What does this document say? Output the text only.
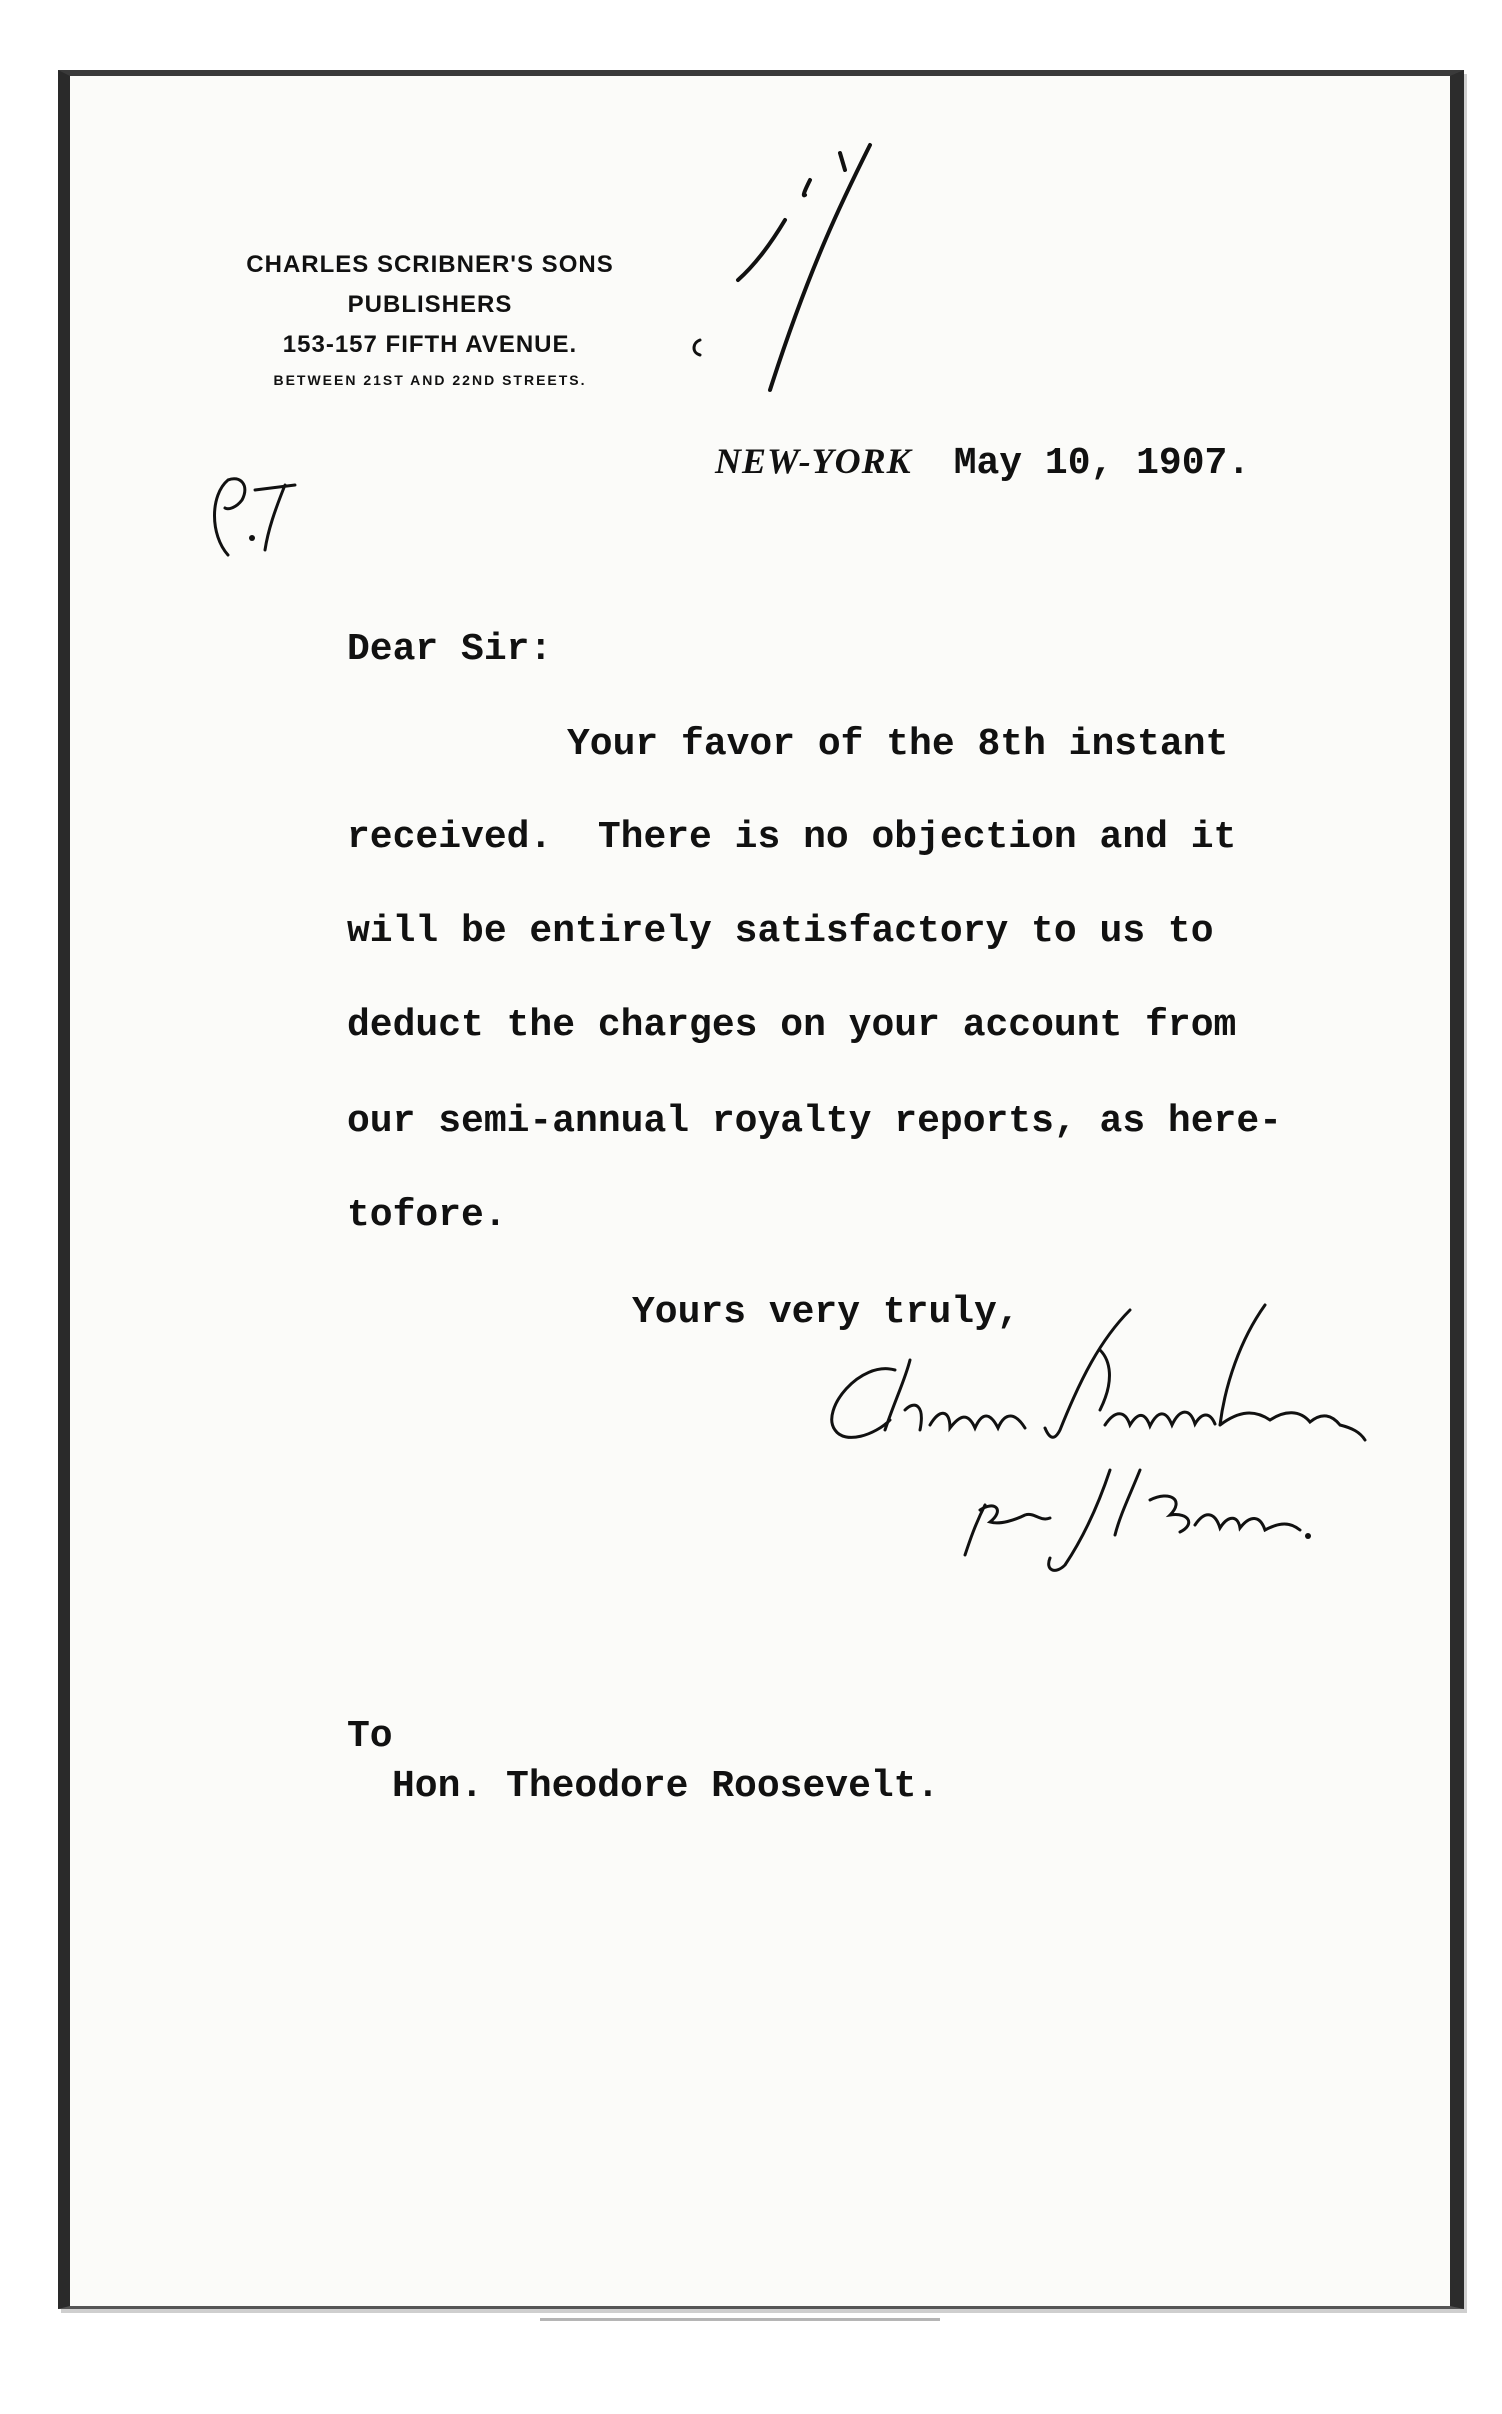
CHARLES SCRIBNER'S SONS
PUBLISHERS
153-157 FIFTH AVENUE.
BETWEEN 21ST AND 22ND STREETS.
NEW-YORK May 10, 1907.
Dear Sir:
Your favor of the 8th instant
received.  There is no objection and it
will be entirely satisfactory to us to
deduct the charges on your account from
our semi-annual royalty reports, as here-
tofore.
Yours very truly,
To
Hon. Theodore Roosevelt.
